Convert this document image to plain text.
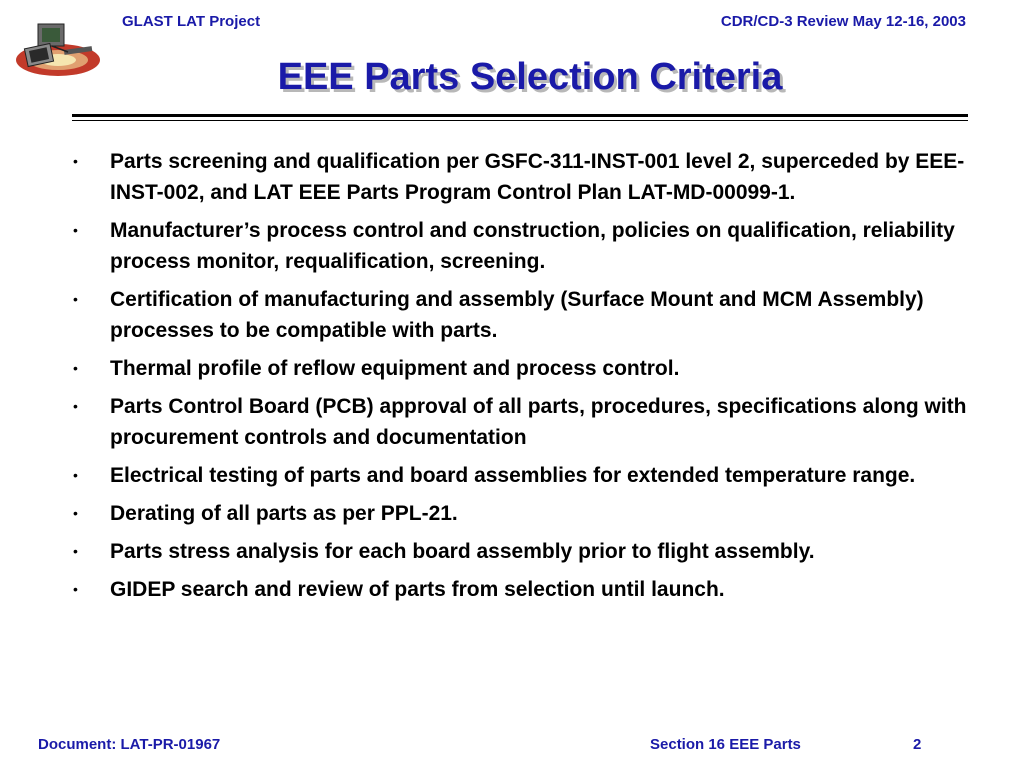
GLAST LAT Project	CDR/CD-3 Review May 12-16, 2003
EEE Parts Selection Criteria
• Parts screening and qualification per GSFC-311-INST-001 level 2, superceded by EEE-INST-002, and LAT EEE Parts Program Control Plan LAT-MD-00099-1.
• Manufacturer’s process control and construction, policies on qualification, reliability process monitor, requalification, screening.
• Certification of manufacturing and assembly (Surface Mount and MCM Assembly) processes to be compatible with parts.
• Thermal profile of reflow equipment and process control.
• Parts Control Board (PCB) approval of all parts, procedures, specifications along with procurement controls and documentation
• Electrical testing of parts and board assemblies for extended temperature range.
• Derating of all parts as per PPL-21.
• Parts stress analysis for each board assembly prior to flight assembly.
• GIDEP search and review of parts from selection until launch.
Document: LAT-PR-01967	Section 16 EEE Parts	2
